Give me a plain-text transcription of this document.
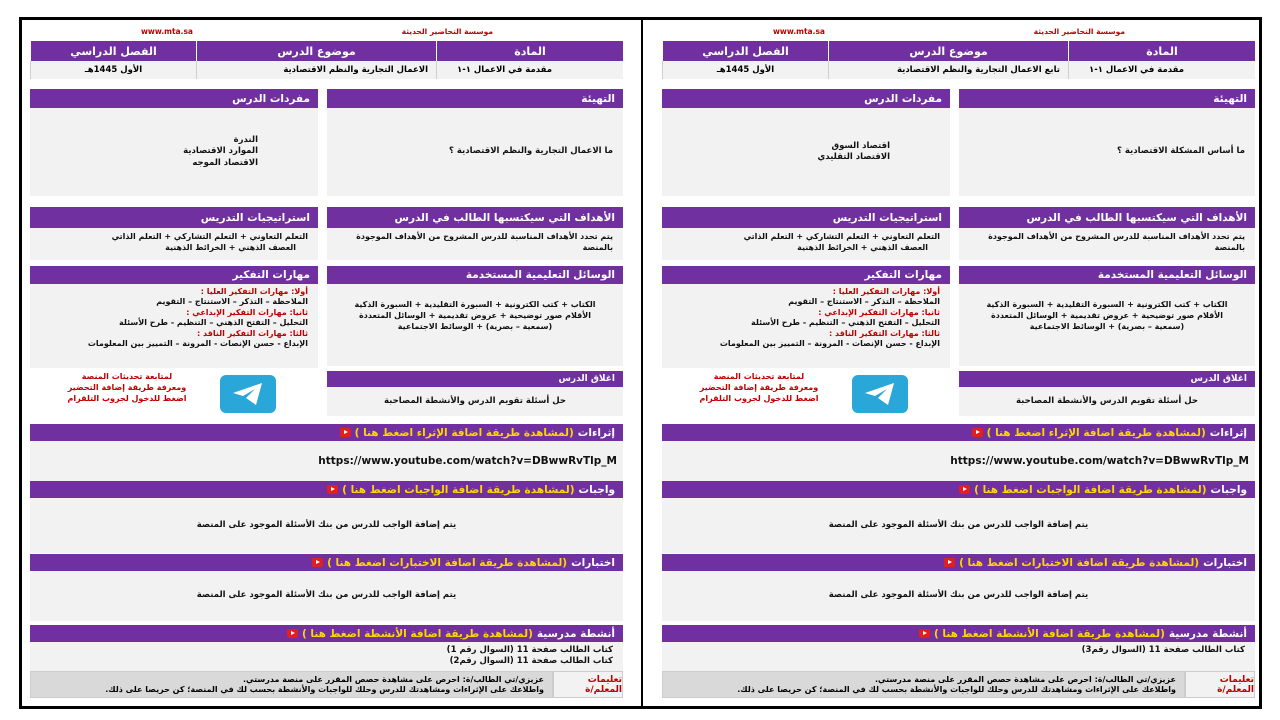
موسسة التحاضير الحديثة
www.mta.sa
المادة
موضوع الدرس
الفصل الدراسي
مقدمة في الاعمال ١-١
تابع الاعمال التجارية والنظم الاقتصادية
الأول 1445هـ
التهيئة
ما أساس المشكلة الاقتصادية ؟
مفردات الدرس
اقتصاد السوق
الاقتصاد التقليدي
الأهداف التي سيكتسبها الطالب في الدرس
يتم تحدد الأهداف المناسبة للدرس المشروح من الأهداف الموجودة بالمنصة
استراتيجيات التدريس
التعلم التعاوني + التعلم التشاركي + التعلم الذاتي
العصف الذهني + الخرائط الذهنية
الوسائل التعليمية المستخدمة
الكتاب + كتب الكترونية + السبورة التقليدية + السبورة الذكية
الأقلام صور توضيحية + عروض تقديمية + الوسائل المتعددة
(سمعية – بصرية) + الوسائط الاجتماعية
مهارات التفكير
أولا: مهارات التفكير العليا :
الملاحظة – التذكر – الاستنتاج – التقويم
ثانيا: مهارات التفكير الإبداعي :
التحليل – التفتح الذهني – التنظيم - طرح الأسئلة
ثالثا: مهارات التفكير الناقد :
الإبداع - حسن الإنصات - المرونة – التمييز بين المعلومات
اغلاق الدرس
حل أسئلة تقويم الدرس والأنشطة المصاحبة
لمتابعة تحديثات المنصة
ومعرفة طريقة إضافة التحضير
اضغط للدخول لجروب التلقرام
إثراءات
(لمشاهدة طريقة اضافة الإثراء اضغط هنا )
https://www.youtube.com/watch?v=DBwwRvTlp_M
واجبات
(لمشاهدة طريقة اضافة الواجبات اضغط هنا )
يتم إضافة الواجب للدرس من بنك الأسئلة الموجود على المنصة
اختبارات
(لمشاهدة طريقة اضافة الاختبارات اضغط هنا )
يتم إضافة الواجب للدرس من بنك الأسئلة الموجود على المنصة
أنشطة مدرسية
(لمشاهدة طريقة اضافة الأنشطة اضغط هنا )
كتاب الطالب صفحة 11 (السوال رقم3)
تعليمات المعلم/ة
عزيزي/تي الطالب/ة: احرص على مشاهدة حصص المقرر على منصة مدرستي.
واطلاعك على الإثراءات ومشاهدتك للدرس وحلك للواجبات والأنشطة بحسب لك في المنصة؛ كن حريصا على ذلك.
موسسة التحاضير الحديثة
www.mta.sa
المادة
موضوع الدرس
الفصل الدراسي
مقدمة في الاعمال ١-١
الاعمال التجارية والنظم الاقتصادية
الأول 1445هـ
التهيئة
ما الاعمال التجارية والنظم الاقتصادية ؟
مفردات الدرس
الندرة
الموارد الاقتصادية
الاقتصاد الموجه
الأهداف التي سيكتسبها الطالب في الدرس
يتم تحدد الأهداف المناسبة للدرس المشروح من الأهداف الموجودة بالمنصة
استراتيجيات التدريس
التعلم التعاوني + التعلم التشاركي + التعلم الذاتي
العصف الذهني + الخرائط الذهنية
الوسائل التعليمية المستخدمة
الكتاب + كتب الكترونية + السبورة التقليدية + السبورة الذكية
الأقلام صور توضيحية + عروض تقديمية + الوسائل المتعددة
(سمعية – بصرية) + الوسائط الاجتماعية
مهارات التفكير
أولا: مهارات التفكير العليا :
الملاحظة – التذكر – الاستنتاج – التقويم
ثانيا: مهارات التفكير الإبداعي :
التحليل – التفتح الذهني – التنظيم - طرح الأسئلة
ثالثا: مهارات التفكير الناقد :
الإبداع - حسن الإنصات - المرونة – التمييز بين المعلومات
اغلاق الدرس
حل أسئلة تقويم الدرس والأنشطة المصاحبة
لمتابعة تحديثات المنصة
ومعرفة طريقة إضافة التحضير
اضغط للدخول لجروب التلقرام
إثراءات
(لمشاهدة طريقة اضافة الإثراء اضغط هنا )
https://www.youtube.com/watch?v=DBwwRvTlp_M
واجبات
(لمشاهدة طريقة اضافة الواجبات اضغط هنا )
يتم إضافة الواجب للدرس من بنك الأسئلة الموجود على المنصة
اختبارات
(لمشاهدة طريقة اضافة الاختبارات اضغط هنا )
يتم إضافة الواجب للدرس من بنك الأسئلة الموجود على المنصة
أنشطة مدرسية
(لمشاهدة طريقة اضافة الأنشطة اضغط هنا )
كتاب الطالب صفحة 11 (السوال رقم 1)
كتاب الطالب صفحة 11 (السوال رقم2)
تعليمات المعلم/ة
عزيزي/تي الطالب/ة: احرص على مشاهدة حصص المقرر على منصة مدرستي.
واطلاعك على الإثراءات ومشاهدتك للدرس وحلك للواجبات والأنشطة بحسب لك في المنصة؛ كن حريصا على ذلك.
